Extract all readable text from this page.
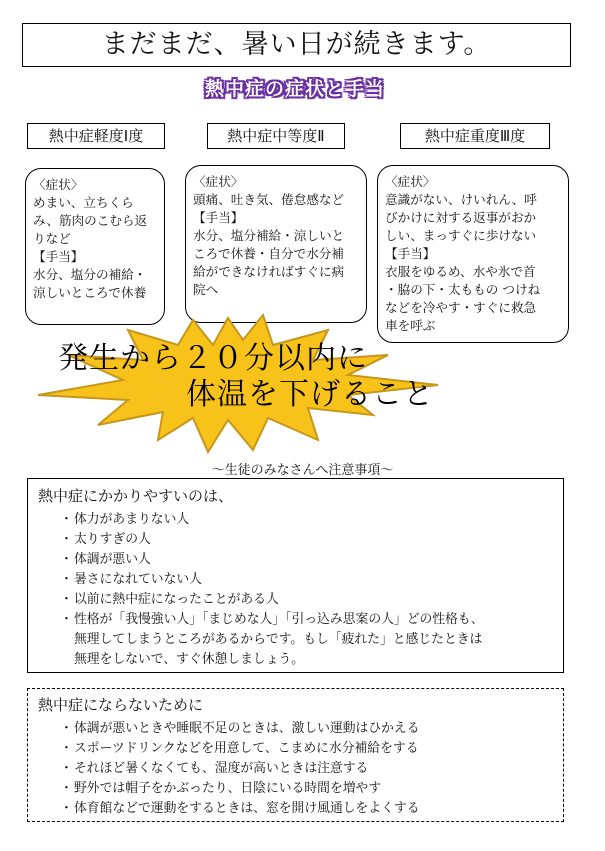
まだまだ、暑い日が続きます。
熱中症の症状と手当
熱中症軽度Ⅰ度	熱中症中等度Ⅱ	熱中症重度Ⅲ度
〈症状〉
めまい、立ちくら
み、筋肉のこむら返
りなど
【手当】
水分、塩分の補給・
涼しいところで休養
〈症状〉
頭痛、吐き気、倦怠感など
【手当】
水分、塩分補給・涼しいと
ころで休養・自分で水分補
給ができなければすぐに病
院へ
〈症状〉
意識がない、けいれん、呼
びかけに対する返事がおか
しい、まっすぐに歩けない
【手当】
衣服をゆるめ、水や氷で首
・脇の下・太ももの つけね
などを冷やす・すぐに救急
車を呼ぶ
発生から２０分以内に
体温を下げること
～生徒のみなさんへ注意事項～
熱中症にかかりやすいのは、
・ 体力があまりない人
・ 太りすぎの人
・ 体調が悪い人
・ 暑さになれていない人
・ 以前に熱中症になったことがある人
・ 性格が「我慢強い人」「まじめな人」「引っ込み思案の人」どの性格も、
無理してしまうところがあるからです。もし「疲れた」と感じたときは
無理をしないで、すぐ休憩しましょう。
熱中症にならないために
・ 体調が悪いときや睡眠不足のときは、激しい運動はひかえる
・ スポーツドリンクなどを用意して、こまめに水分補給をする
・ それほど暑くなくても、湿度が高いときは注意する
・ 野外では帽子をかぶったり、日陰にいる時間を増やす
・ 体育館などで運動をするときは、窓を開け風通しをよくする
